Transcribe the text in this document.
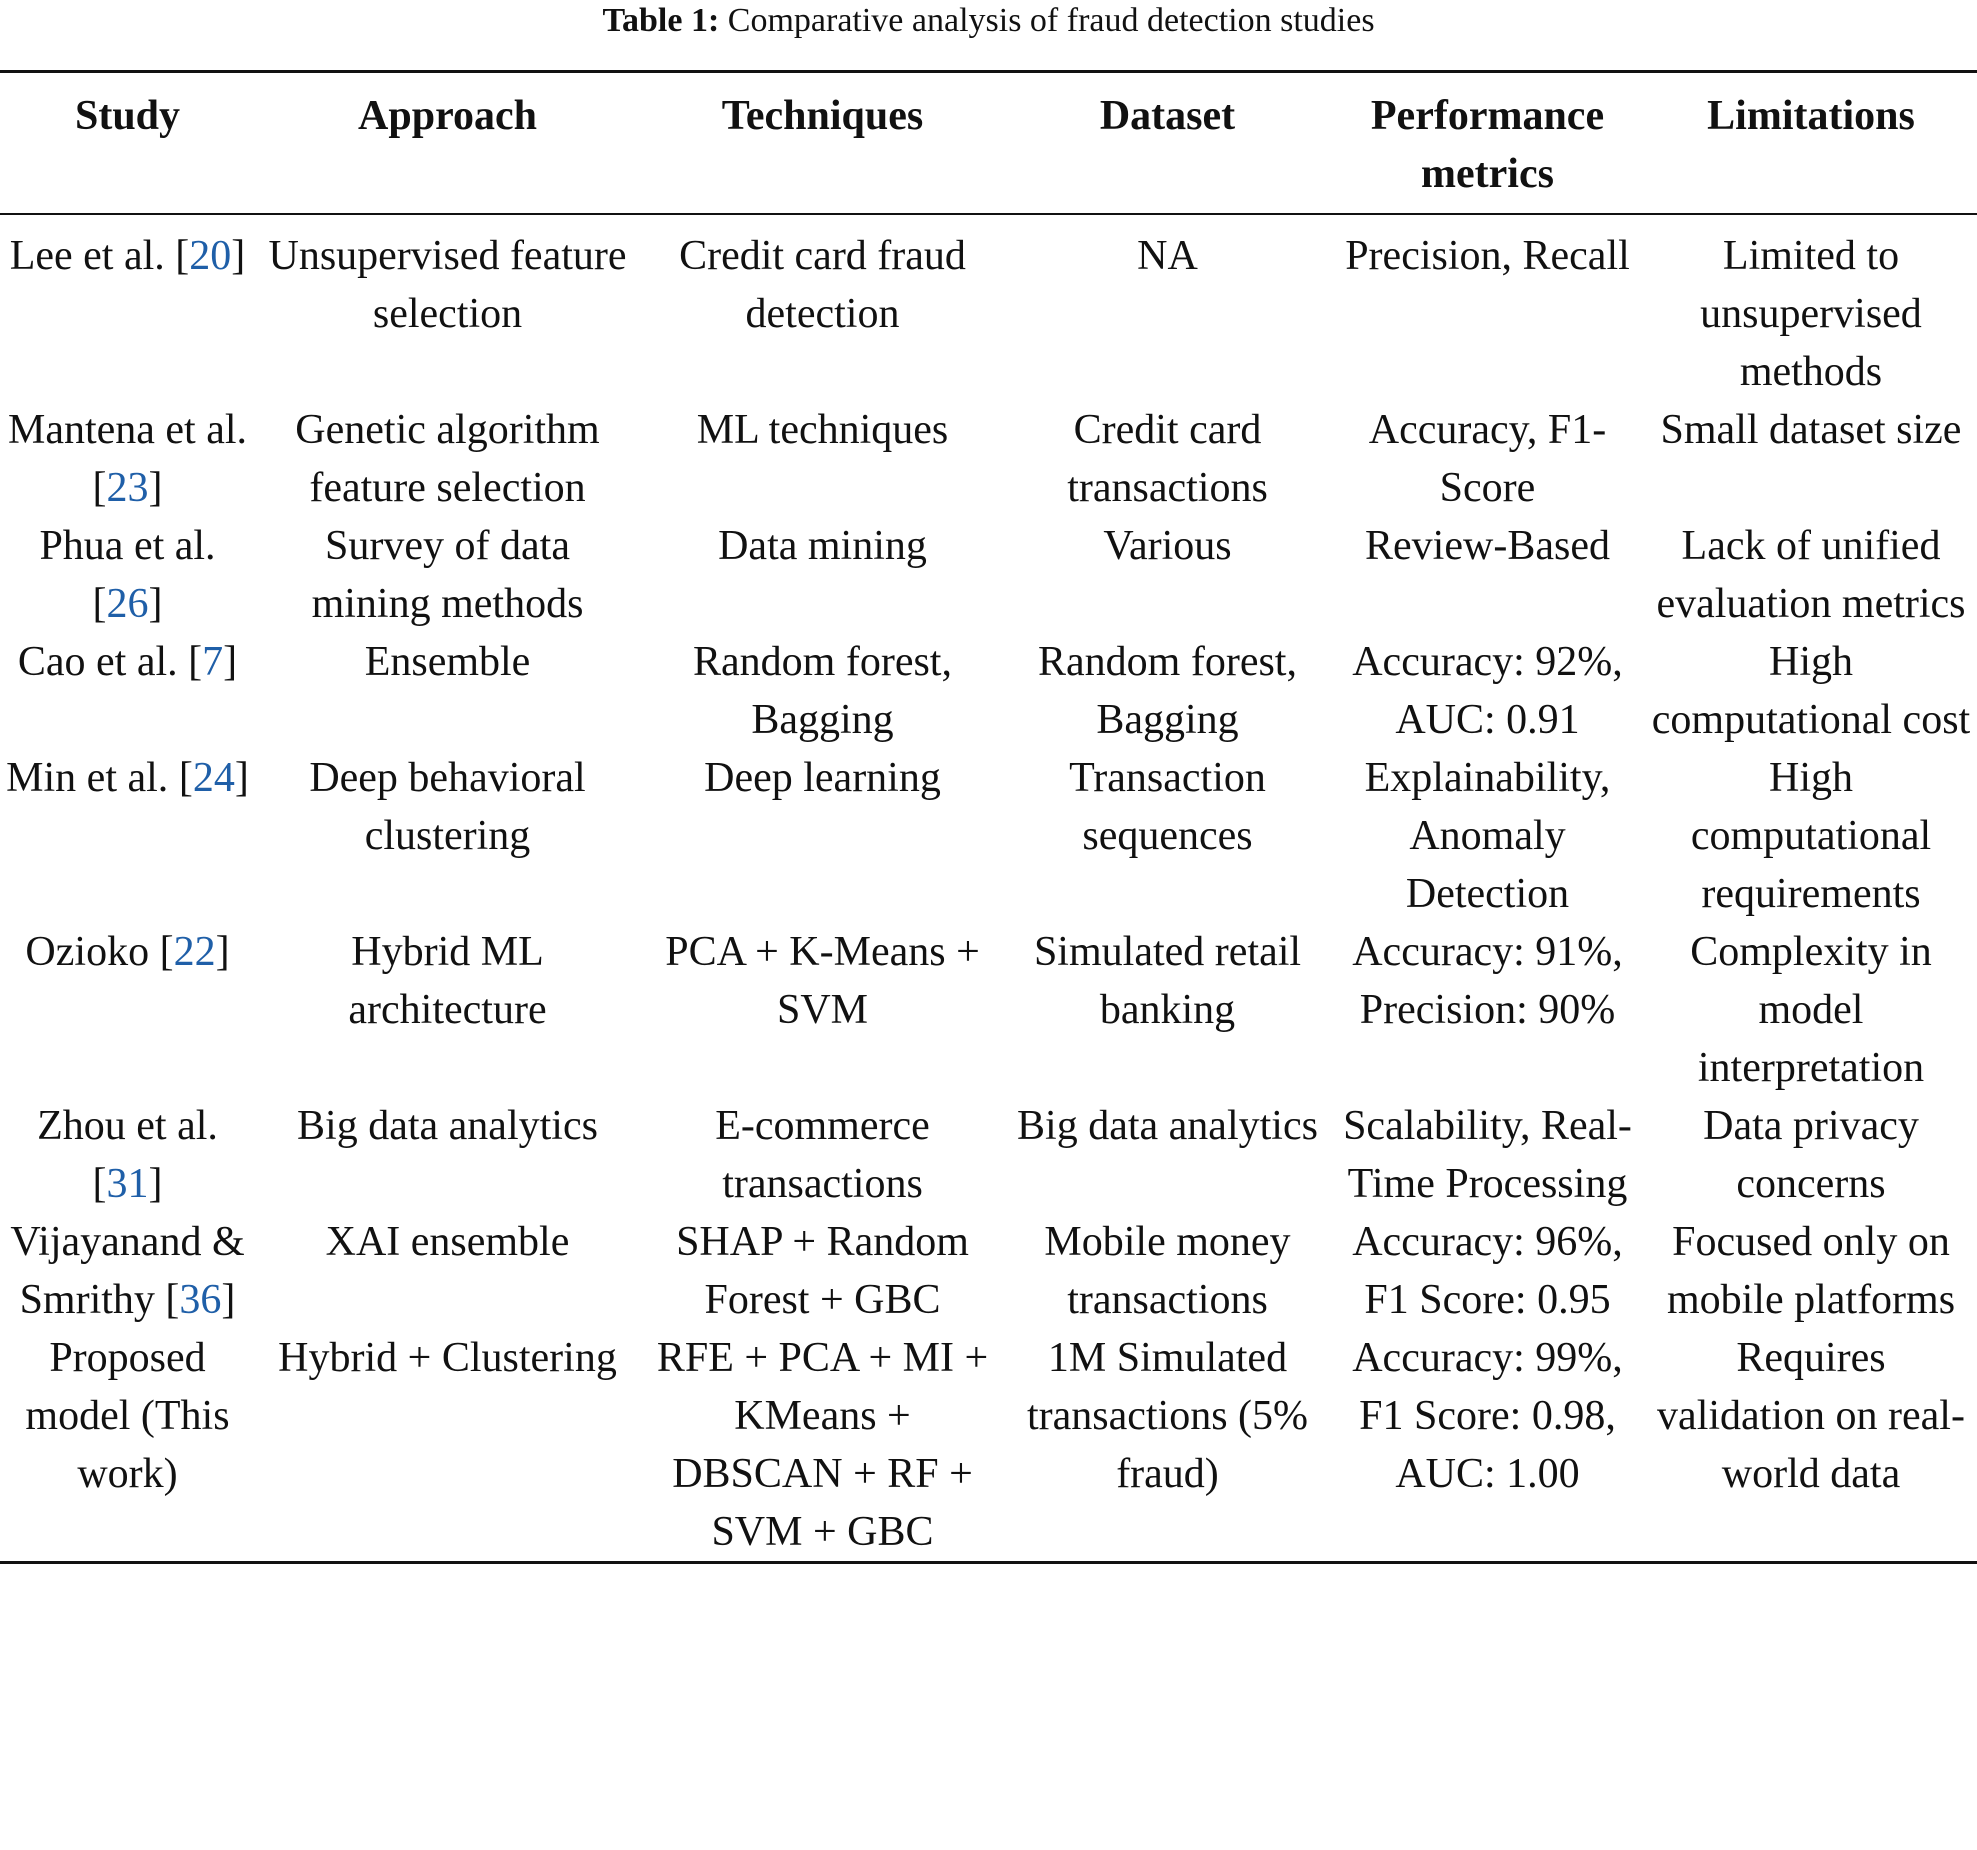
Table 1: Comparative analysis of fraud detection studies
Study	Approach	Techniques	Dataset	Performance metrics	Limitations
Lee et al. [20]	Unsupervised feature selection	Credit card fraud detection	NA	Precision, Recall	Limited to unsupervised methods
Mantena et al. [23]	Genetic algorithm feature selection	ML techniques	Credit card transactions	Accuracy, F1-Score	Small dataset size
Phua et al. [26]	Survey of data mining methods	Data mining	Various	Review-Based	Lack of unified evaluation metrics
Cao et al. [7]	Ensemble	Random forest, Bagging	Random forest, Bagging	Accuracy: 92%, AUC: 0.91	High computational cost
Min et al. [24]	Deep behavioral clustering	Deep learning	Transaction sequences	Explainability, Anomaly Detection	High computational requirements
Ozioko [22]	Hybrid ML architecture	PCA + K-Means + SVM	Simulated retail banking	Accuracy: 91%, Precision: 90%	Complexity in model interpretation
Zhou et al. [31]	Big data analytics	E-commerce transactions	Big data analytics	Scalability, Real-Time Processing	Data privacy concerns
Vijayanand & Smrithy [36]	XAI ensemble	SHAP + Random Forest + GBC	Mobile money transactions	Accuracy: 96%, F1 Score: 0.95	Focused only on mobile platforms
Proposed model (This work)	Hybrid + Clustering	RFE + PCA + MI + KMeans + DBSCAN + RF + SVM + GBC	1M Simulated transactions (5% fraud)	Accuracy: 99%, F1 Score: 0.98, AUC: 1.00	Requires validation on real-world data
